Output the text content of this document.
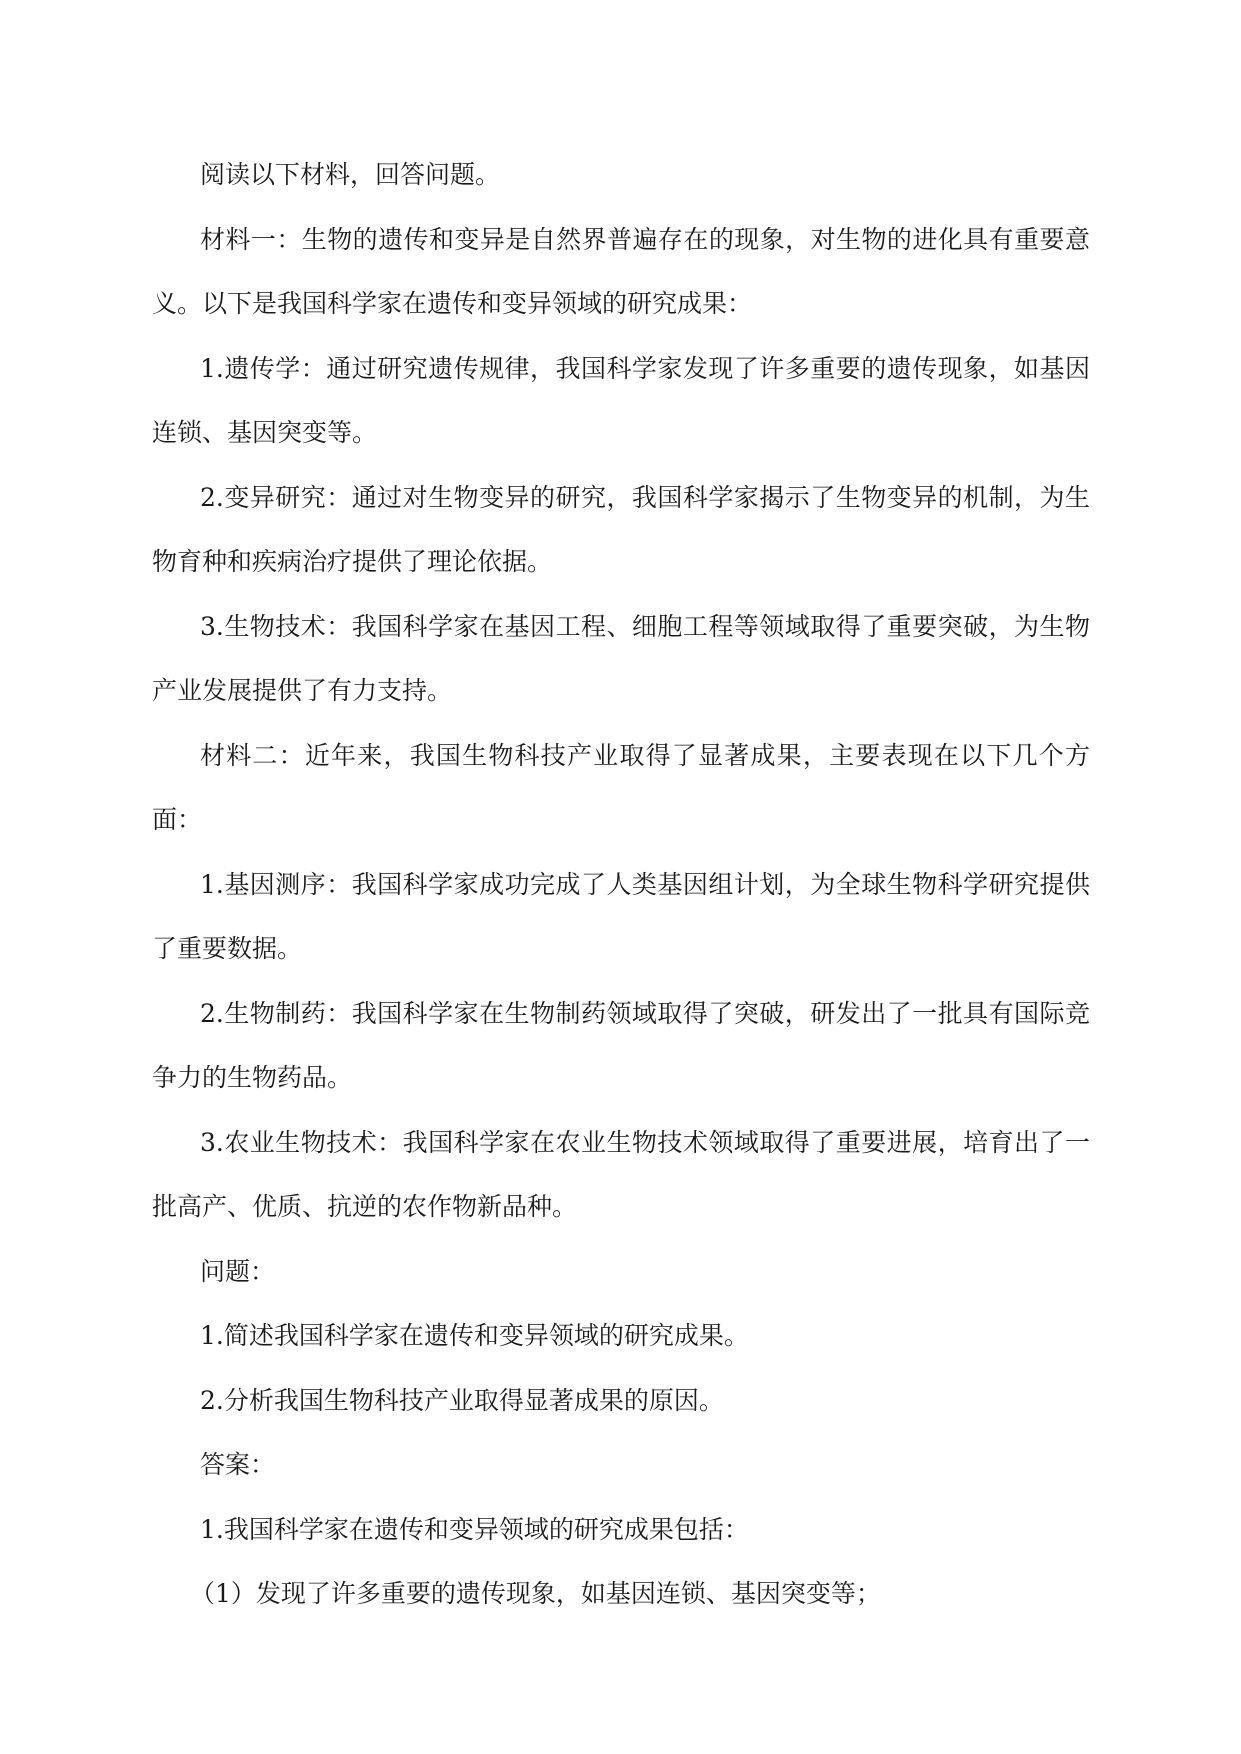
阅读以下材料，回答问题。

材料一：生物的遗传和变异是自然界普遍存在的现象，对生物的进化具有重要意义。以下是我国科学家在遗传和变异领域的研究成果：

1.遗传学：通过研究遗传规律，我国科学家发现了许多重要的遗传现象，如基因连锁、基因突变等。

2.变异研究：通过对生物变异的研究，我国科学家揭示了生物变异的机制，为生物育种和疾病治疗提供了理论依据。

3.生物技术：我国科学家在基因工程、细胞工程等领域取得了重要突破，为生物产业发展提供了有力支持。

材料二：近年来，我国生物科技产业取得了显著成果，主要表现在以下几个方面：

1.基因测序：我国科学家成功完成了人类基因组计划，为全球生物科学研究提供了重要数据。

2.生物制药：我国科学家在生物制药领域取得了突破，研发出了一批具有国际竞争力的生物药品。

3.农业生物技术：我国科学家在农业生物技术领域取得了重要进展，培育出了一批高产、优质、抗逆的农作物新品种。

问题：

1.简述我国科学家在遗传和变异领域的研究成果。

2.分析我国生物科技产业取得显著成果的原因。

答案：

1.我国科学家在遗传和变异领域的研究成果包括：

（1）发现了许多重要的遗传现象，如基因连锁、基因突变等；
